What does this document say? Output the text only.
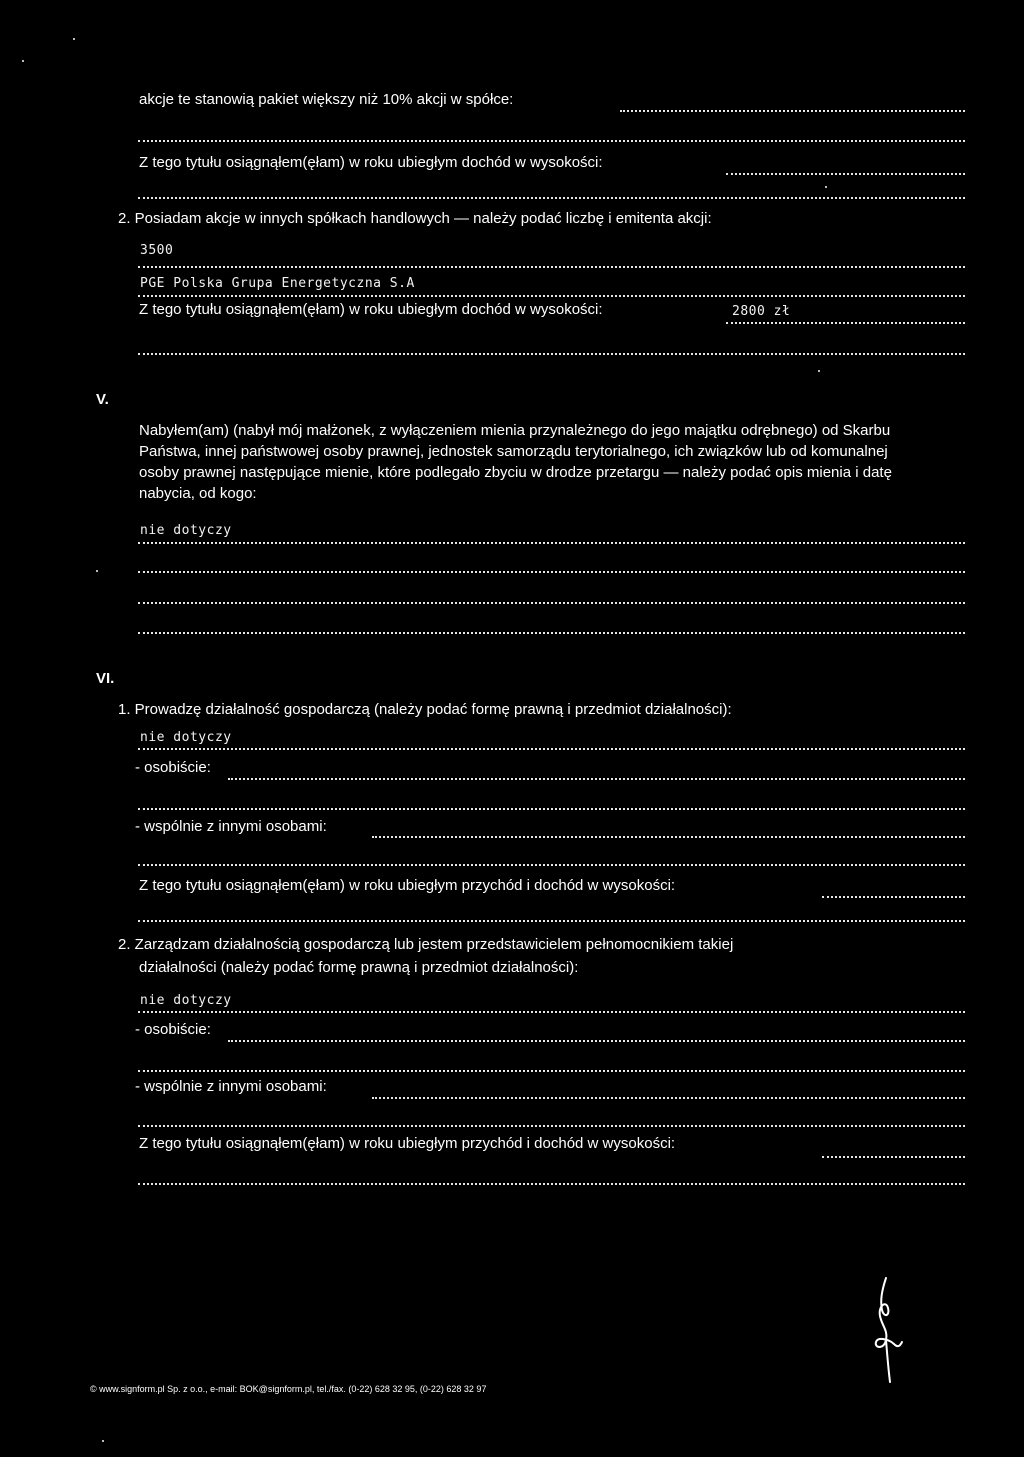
akcje te stanowią pakiet większy niż 10% akcji w spółce:
Z tego tytułu osiągnąłem(ęłam) w roku ubiegłym dochód w wysokości:
2. Posiadam akcje w innych spółkach handlowych — należy podać liczbę i emitenta akcji:
3500
PGE Polska Grupa Energetyczna S.A
Z tego tytułu osiągnąłem(ęłam) w roku ubiegłym dochód w wysokości:	2800 zł
V.
Nabyłem(am) (nabył mój małżonek, z wyłączeniem mienia przynależnego do jego majątku odrębnego) od Skarbu Państwa, innej państwowej osoby prawnej, jednostek samorządu terytorialnego, ich związków lub od komunalnej osoby prawnej następujące mienie, które podlegało zbyciu w drodze przetargu — należy podać opis mienia i datę nabycia, od kogo:
nie dotyczy
VI.
1. Prowadzę działalność gospodarczą (należy podać formę prawną i przedmiot działalności):
nie dotyczy
- osobiście:
- wspólnie z innymi osobami:
Z tego tytułu osiągnąłem(ęłam) w roku ubiegłym przychód i dochód w wysokości:
2. Zarządzam działalnością gospodarczą lub jestem przedstawicielem pełnomocnikiem takiej
działalności (należy podać formę prawną i przedmiot działalności):
nie dotyczy
- osobiście:
- wspólnie z innymi osobami:
Z tego tytułu osiągnąłem(ęłam) w roku ubiegłym przychód i dochód w wysokości:
© www.signform.pl Sp. z o.o., e-mail: BOK@signform.pl, tel./fax. (0-22) 628 32 95, (0-22) 628 32 97
